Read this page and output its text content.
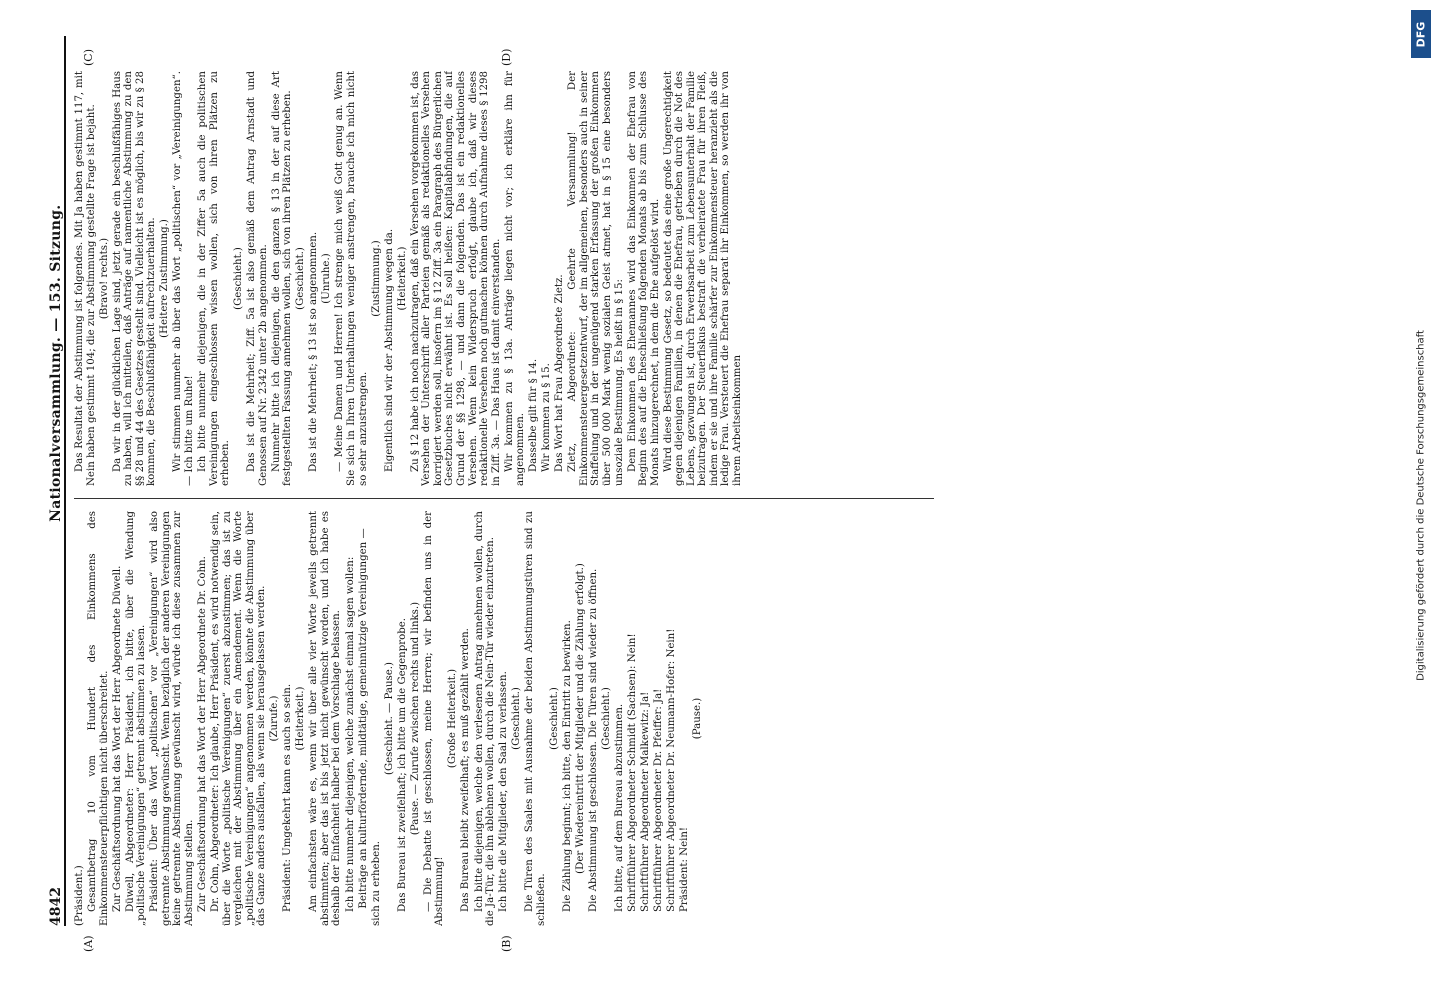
4842
Nationalversammlung. — 153. Sitzung.
(A)	(B)
(C)	(D)

(Präsident.) Gesamtbetrag 10 vom Hundert des Einkommens des Einkommensteuerpflichtigen nicht überschreitet. Zur Geschäftsordnung hat das Wort der Herr Abgeordnete Düwell. Düwell, Abgeordneter: Herr Präsident, ich bitte, über die Wendung „politische Vereinigungen“ getrennt abstimmen zu lassen. Präsident: Über das Wort „politischen“ vor „Vereinigungen“ wird also getrennte Abstimmung gewünscht. Wenn bezüglich der anderen Vereinigungen keine getrennte Abstimmung gewünscht wird, würde ich diese zusammen zur Abstimmung stellen. Zur Geschäftsordnung hat das Wort der Herr Abgeordnete Dr. Cohn. Dr. Cohn, Abgeordneter: Ich glaube, Herr Präsident, es wird notwendig sein, über die Worte „politische Vereinigungen“ zuerst abzustimmen; das ist zu vergleichen mit der Abstimmung über ein Amendement. Wenn die Worte „politische Vereinigungen“ angenommen werden, könnte die Abstimmung über das Ganze anders ausfallen, als wenn sie herausgelassen werden. (Zurufe.) Präsident: Umgekehrt kann es auch so sein. (Heiterkeit.) Am einfachsten wäre es, wenn wir über alle vier Worte jeweils getrennt abstimmten; aber das ist bis jetzt nicht gewünscht worden, und ich habe es deshalb der Einfachheit halber bei dem Vorschlage belassen. Ich bitte nunmehr diejenigen, welche zunächst einmal sagen wollen: Beiträge an kulturfördernde, mildtätige, gemeinnützige Vereinigungen — sich zu erheben.

(Geschieht. — Pause.) Das Bureau ist zweifelhaft; ich bitte um die Gegenprobe. (Pause. — Zurufe zwischen rechts und links.) — Die Debatte ist geschlossen, meine Herren; wir befinden uns in der Abstimmung!

(Große Heiterkeit.) Das Bureau bleibt zweifelhaft; es muß gezählt werden. Ich bitte diejenigen, welche den verlesenen Antrag annehmen wollen, durch die Ja-Tür, die ihn ablehnen wollen, durch die Nein-Tür wieder einzutreten. Ich bitte die Mitglieder, den Saal zu verlassen. (Geschieht.) Die Türen des Saales mit Ausnahme der beiden Abstimmungstüren sind zu schließen.

(Geschieht.) Die Zählung beginnt; ich bitte, den Eintritt zu bewirken. (Der Wiedereintritt der Mitglieder und die Zählung erfolgt.) Die Abstimmung ist geschlossen. Die Türen sind wieder zu öffnen. (Geschieht.) Ich bitte, auf dem Bureau abzustimmen. Schriftführer Abgeordneter Schmidt (Sachsen): Nein! Schriftführer Abgeordneter Malkewitz: Ja! Schriftführer Abgeordneter Dr. Pfeiffer: Ja! Schriftführer Abgeordneter Dr. Neumann-Hofer: Nein! Präsident: Nein!

(Pause.)

Das Resultat der Abstimmung ist folgendes. Mit Ja haben gestimmt 117, mit Nein haben gestimmt 104; die zur Abstimmung gestellte Frage ist bejaht. (Bravo! rechts.) Da wir in der glücklichen Lage sind, jetzt gerade ein beschlußfähiges Haus zu haben, will ich mitteilen, daß Anträge auf namentliche Abstimmung zu den §§ 28 und 44 des Gesetzes gestellt sind. Vielleicht ist es möglich, bis wir zu § 28 kommen, die Beschlußfähigkeit aufrechtzuerhalten. (Heitere Zustimmung.) Wir stimmen nunmehr ab über das Wort „politischen“ vor „Vereinigungen“. — Ich bitte um Ruhe! Ich bitte nunmehr diejenigen, die in der Ziffer 5a auch die politischen Vereinigungen eingeschlossen wissen wollen, sich von ihren Plätzen zu erheben.

(Geschieht.) Das ist die Mehrheit; Ziff. 5a ist also gemäß dem Antrag Arnstadt und Genossen auf Nr. 2342 unter 2b angenommen. Nunmehr bitte ich diejenigen, die den ganzen § 13 in der auf diese Art festgestellten Fassung annehmen wollen, sich von ihren Plätzen zu erheben. (Geschieht.) Das ist die Mehrheit; § 13 ist so angenommen. (Unruhe.) — Meine Damen und Herren! Ich strenge mich weiß Gott genug an. Wenn Sie sich in Ihren Unterhaltungen weniger anstrengen, brauche ich mich nicht so sehr anzustrengen.

(Zustimmung.) Eigentlich sind wir der Abstimmung wegen da. (Heiterkeit.) Zu § 12 habe ich noch nachzutragen, daß ein Versehen vorgekommen ist, das Versehen der Unterschrift aller Parteien gemäß als redaktionelles Versehen korrigiert werden soll, insofern im § 12 Ziff. 3a ein Paragraph des Bürgerlichen Gesetzbuches nicht erwähnt ist. Es soll heißen: Kapitalabfindungen, die auf Grund der §§ 1298, — und dann die folgenden. Das ist ein redaktionelles Versehen. Wenn kein Widerspruch erfolgt, glaube ich, daß wir dieses redaktionelle Versehen noch gutmachen können durch Aufnahme dieses § 1298 in Ziff. 3a. — Das Haus ist damit einverstanden. Wir kommen zu § 13a. Anträge liegen nicht vor; ich erkläre ihn für angenommen. Dasselbe gilt für § 14. Wir kommen zu § 15. Das Wort hat Frau Abgeordnete Zietz. Zietz, Abgeordnete: Geehrte Versammlung! Der Einkommensteuergesetzentwurf, der im allgemeinen, besonders auch in seiner Staffelung und in der ungenügend starken Erfassung der großen Einkommen über 500 000 Mark wenig sozialen Geist atmet, hat in § 15 eine besonders unsoziale Bestimmung. Es heißt in § 15: Dem Einkommen des Ehemannes wird das Einkommen der Ehefrau von Beginn des auf die Eheschließung folgenden Monats ab bis zum Schlusse des Monats hinzugerechnet, in dem die Ehe aufgelöst wird. Wird diese Bestimmung Gesetz, so bedeutet das eine große Ungerechtigkeit gegen diejenigen Familien, in denen die Ehefrau, getrieben durch die Not des Lebens, gezwungen ist, durch Erwerbsarbeit zum Lebensunterhalt der Familie beizutragen. Der Steuerfiskus bestraft die verheiratete Frau für ihren Fleiß, indem er sie und ihre Familie schärfer zur Einkommensteuer heranzieht als die ledige Frau. Versteuert die Ehefrau separat ihr Einkommen, so werden ihr von ihrem Arbeitseinkommen

DFG
Digitalisierung gefördert durch die Deutsche Forschungsgemeinschaft
